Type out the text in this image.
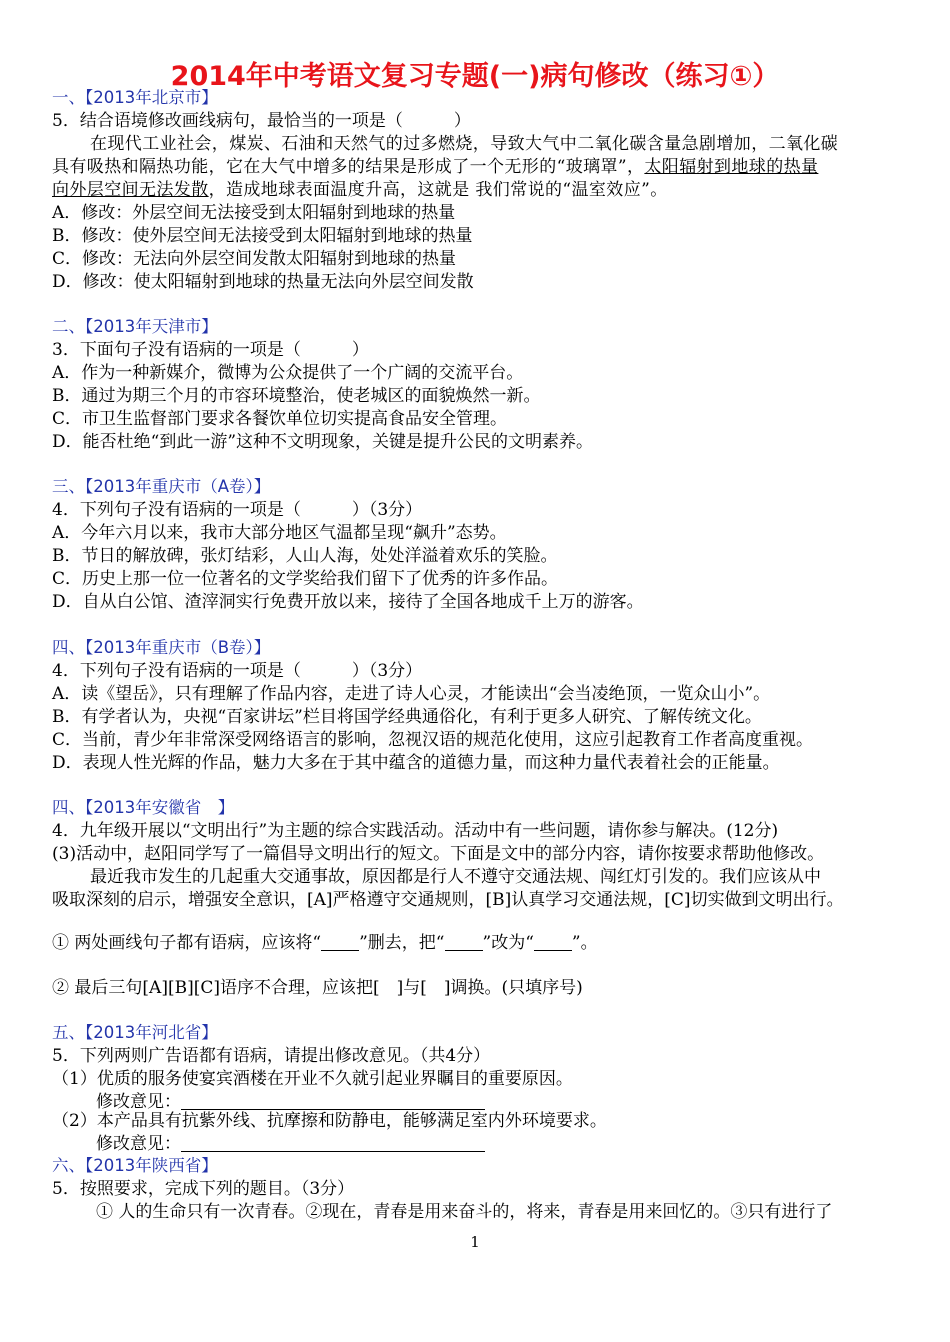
2014年中考语文复习专题(一)病句修改（练习①）
一、【2013年北京市】
5．结合语境修改画线病句，最恰当的一项是（　　　）
在现代工业社会，煤炭、石油和天然气的过多燃烧，导致大气中二氧化碳含量急剧增加，二氧化碳
具有吸热和隔热功能，它在大气中增多的结果是形成了一个无形的“玻璃罩”，太阳辐射到地球的热量
向外层空间无法发散，造成地球表面温度升高，这就是 我们常说的“温室效应”。
A．修改：外层空间无法接受到太阳辐射到地球的热量
B．修改：使外层空间无法接受到太阳辐射到地球的热量
C．修改：无法向外层空间发散太阳辐射到地球的热量
D．修改：使太阳辐射到地球的热量无法向外层空间发散
二、【2013年天津市】
3．下面句子没有语病的一项是（　　　）
A．作为一种新媒介，微博为公众提供了一个广阔的交流平台。
B．通过为期三个月的市容环境整治，使老城区的面貌焕然一新。
C．市卫生监督部门要求各餐饮单位切实提高食品安全管理。
D．能否杜绝“到此一游”这种不文明现象，关键是提升公民的文明素养。
三、【2013年重庆市（A卷）】
4．下列句子没有语病的一项是（　　　）（3分）
A．今年六月以来，我市大部分地区气温都呈现“飙升”态势。
B．节日的解放碑，张灯结彩，人山人海，处处洋溢着欢乐的笑脸。
C．历史上那一位一位著名的文学奖给我们留下了优秀的许多作品。
D．自从白公馆、渣滓洞实行免费开放以来，接待了全国各地成千上万的游客。
四、【2013年重庆市（B卷）】
4．下列句子没有语病的一项是（　　　）（3分）
A．读《望岳》，只有理解了作品内容，走进了诗人心灵，才能读出“会当凌绝顶，一览众山小”。
B．有学者认为，央视“百家讲坛”栏目将国学经典通俗化，有利于更多人研究、了解传统文化。
C．当前，青少年非常深受网络语言的影响，忽视汉语的规范化使用，这应引起教育工作者高度重视。
D．表现人性光辉的作品，魅力大多在于其中蕴含的道德力量，而这种力量代表着社会的正能量。
四、【2013年安徽省　】
4．九年级开展以“文明出行”为主题的综合实践活动。活动中有一些问题，请你参与解决。(12分)
(3)活动中，赵阳同学写了一篇倡导文明出行的短文。下面是文中的部分内容，请你按要求帮助他修改。
最近我市发生的几起重大交通事故，原因都是行人不遵守交通法规、闯红灯引发的。我们应该从中
吸取深刻的启示，增强安全意识，[A]严格遵守交通规则，[B]认真学习交通法规，[C]切实做到文明出行。
① 两处画线句子都有语病，应该将“ ”删去，把“ ”改为“ ”。
② 最后三句[A][B][C]语序不合理，应该把[　]与[　]调换。(只填序号)
五、【2013年河北省】
5．下列两则广告语都有语病，请提出修改意见。（共4分）
（1）优质的服务使宴宾酒楼在开业不久就引起业界瞩目的重要原因。
修改意见：
（2）本产品具有抗紫外线、抗摩擦和防静电，能够满足室内外环境要求。
修改意见：
六、【2013年陕西省】
5．按照要求，完成下列的题目。（3分）
① 人的生命只有一次青春。②现在，青春是用来奋斗的，将来，青春是用来回忆的。③只有进行了
1
